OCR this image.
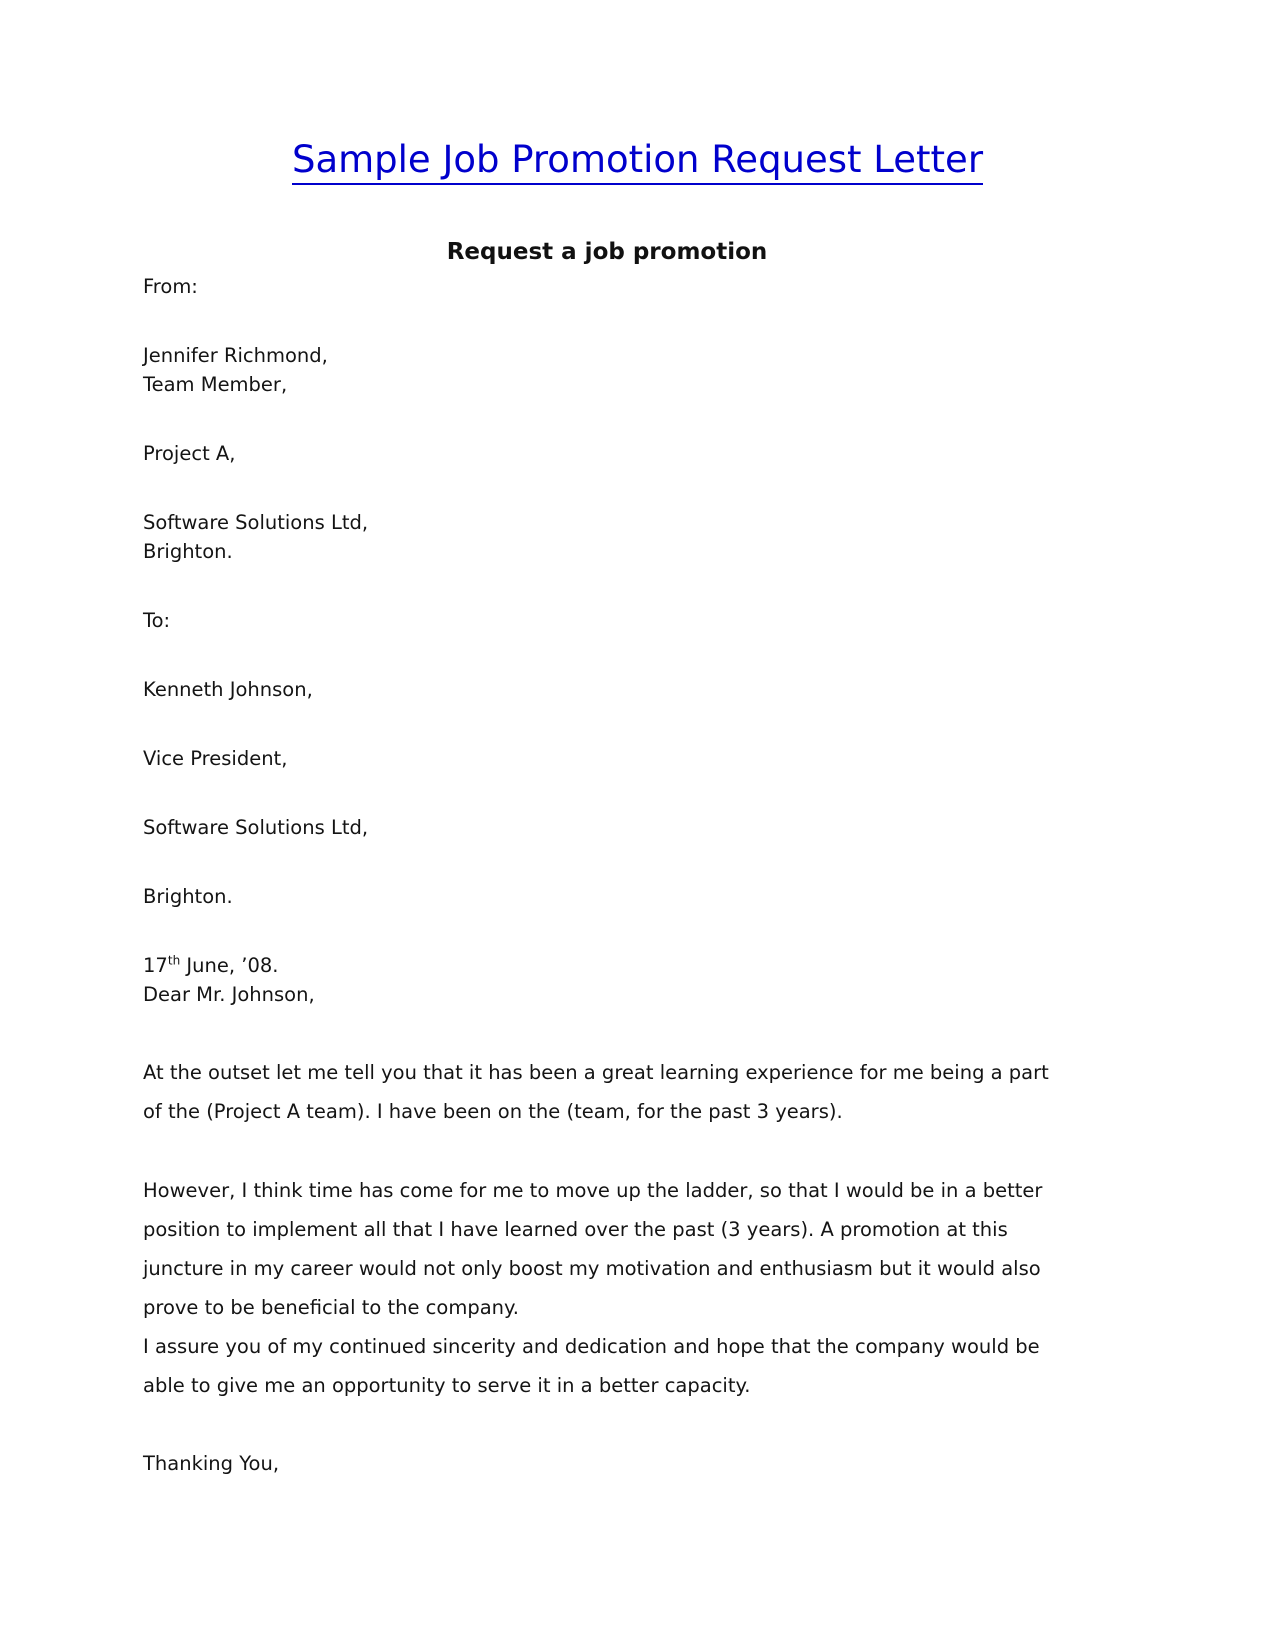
Sample Job Promotion Request Letter
Request a job promotion
From:
Jennifer Richmond,
Team Member,
Project A,
Software Solutions Ltd,
Brighton.
To:
Kenneth Johnson,
Vice President,
Software Solutions Ltd,
Brighton.
17th June, ’08.
Dear Mr. Johnson,
At the outset let me tell you that it has been a great learning experience for me being a part of the (Project A team). I have been on the (team, for the past 3 years).
However, I think time has come for me to move up the ladder, so that I would be in a better position to implement all that I have learned over the past (3 years). A promotion at this juncture in my career would not only boost my motivation and enthusiasm but it would also prove to be beneficial to the company.
I assure you of my continued sincerity and dedication and hope that the company would be able to give me an opportunity to serve it in a better capacity.
Thanking You,
